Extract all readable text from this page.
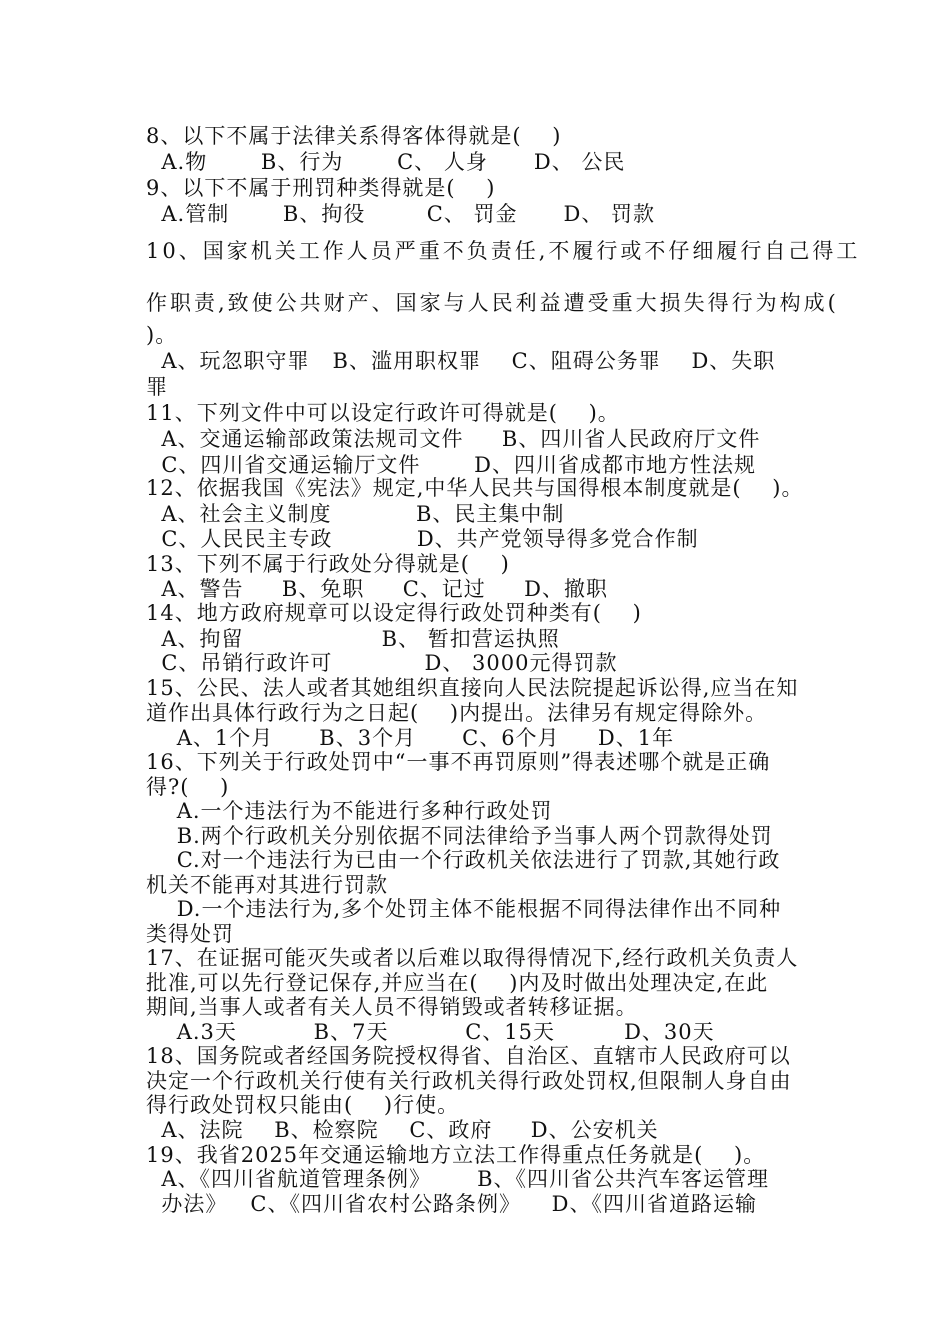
8、以下不属于法律关系得客体得就是(    )
A.物       B、行为       C、 人身      D、 公民
9、以下不属于刑罚种类得就是(    )
A.管制       B、拘役        C、 罚金      D、 罚款
10、国家机关工作人员严重不负责任,不履行或不仔细履行自己得工
作职责,致使公共财产、国家与人民利益遭受重大损失得行为构成(
)。
A、玩忽职守罪   B、滥用职权罪    C、阻碍公务罪    D、失职
罪
11、下列文件中可以设定行政许可得就是(    )。
A、交通运输部政策法规司文件     B、四川省人民政府厅文件
C、四川省交通运输厅文件       D、四川省成都市地方性法规
12、依据我国《宪法》规定,中华人民共与国得根本制度就是(    )。
A、社会主义制度           B、民主集中制
C、人民民主专政           D、共产党领导得多党合作制
13、下列不属于行政处分得就是(    )
A、警告     B、免职     C、记过     D、撤职
14、地方政府规章可以设定得行政处罚种类有(    )
A、拘留                  B、 暂扣营运执照
C、吊销行政许可            D、 3000元得罚款
15、公民、法人或者其她组织直接向人民法院提起诉讼得,应当在知
道作出具体行政行为之日起(    )内提出。法律另有规定得除外。
A、1个月      B、3个月      C、6个月     D、1年
16、下列关于行政处罚中“一事不再罚原则”得表述哪个就是正确
得?(    )
A.一个违法行为不能进行多种行政处罚
B.两个行政机关分别依据不同法律给予当事人两个罚款得处罚
C.对一个违法行为已由一个行政机关依法进行了罚款,其她行政
机关不能再对其进行罚款
D.一个违法行为,多个处罚主体不能根据不同得法律作出不同种
类得处罚
17、在证据可能灭失或者以后难以取得得情况下,经行政机关负责人
批准,可以先行登记保存,并应当在(    )内及时做出处理决定,在此
期间,当事人或者有关人员不得销毁或者转移证据。
A.3天          B、7天          C、15天         D、30天
18、国务院或者经国务院授权得省、自治区、直辖市人民政府可以
决定一个行政机关行使有关行政机关得行政处罚权,但限制人身自由
得行政处罚权只能由(    )行使。
A、法院    B、检察院    C、政府     D、公安机关
19、我省2025年交通运输地方立法工作得重点任务就是(    )。
A、《四川省航道管理条例》      B、《四川省公共汽车客运管理
办法》   C、《四川省农村公路条例》    D、《四川省道路运输
